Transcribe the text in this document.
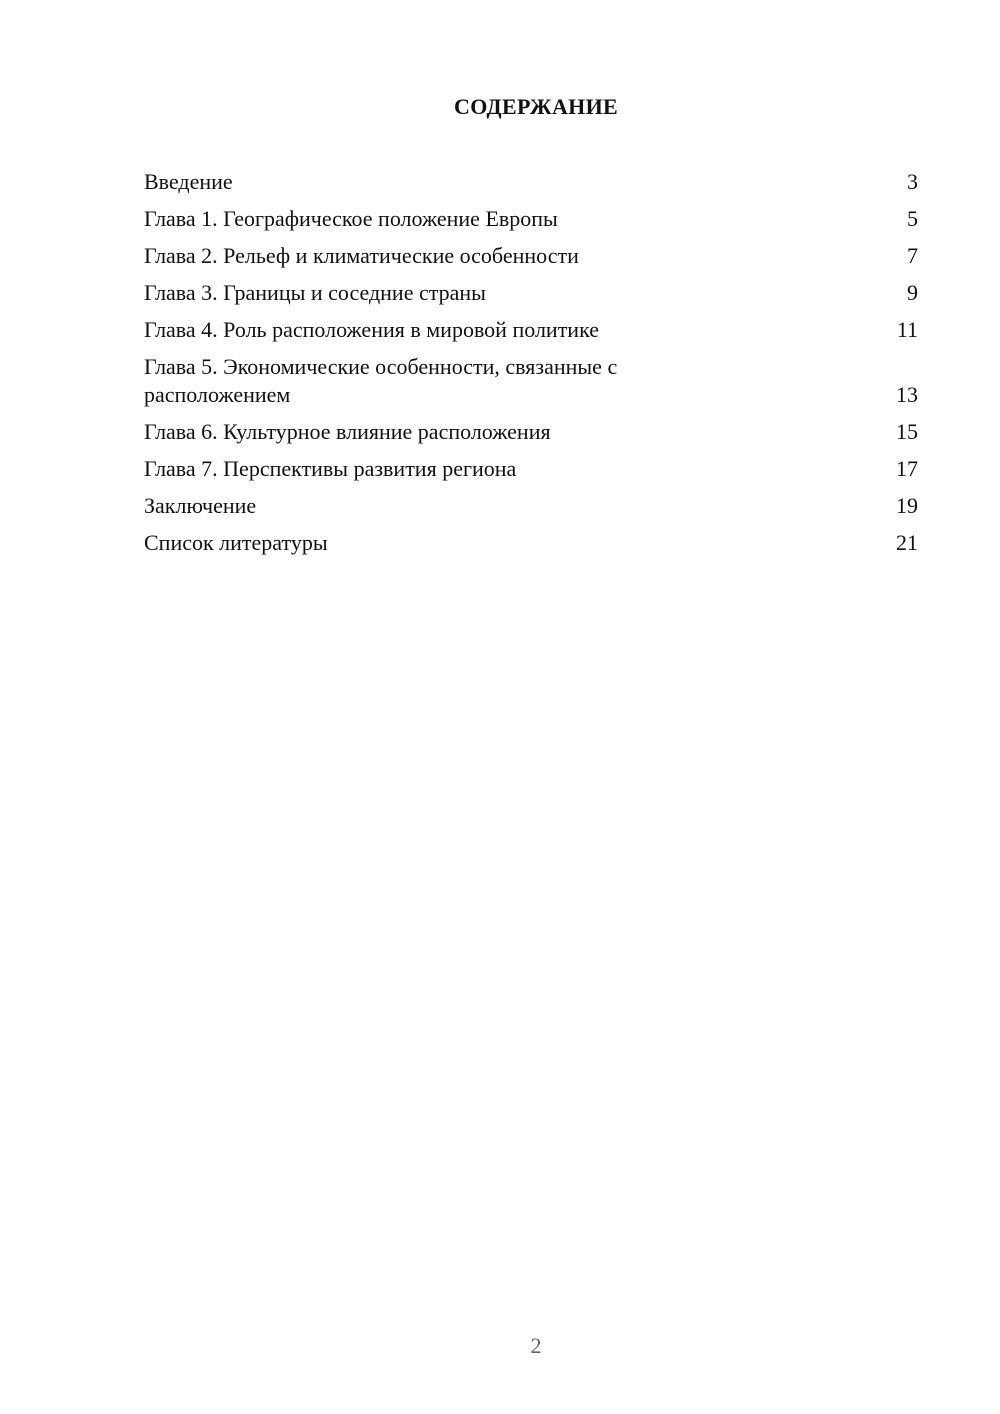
СОДЕРЖАНИЕ
Введение	3
Глава 1. Географическое положение Европы	5
Глава 2. Рельеф и климатические особенности	7
Глава 3. Границы и соседние страны	9
Глава 4. Роль расположения в мировой политике	11
Глава 5. Экономические особенности, связанные с расположением	13
Глава 6. Культурное влияние расположения	15
Глава 7. Перспективы развития региона	17
Заключение	19
Список литературы	21
2
